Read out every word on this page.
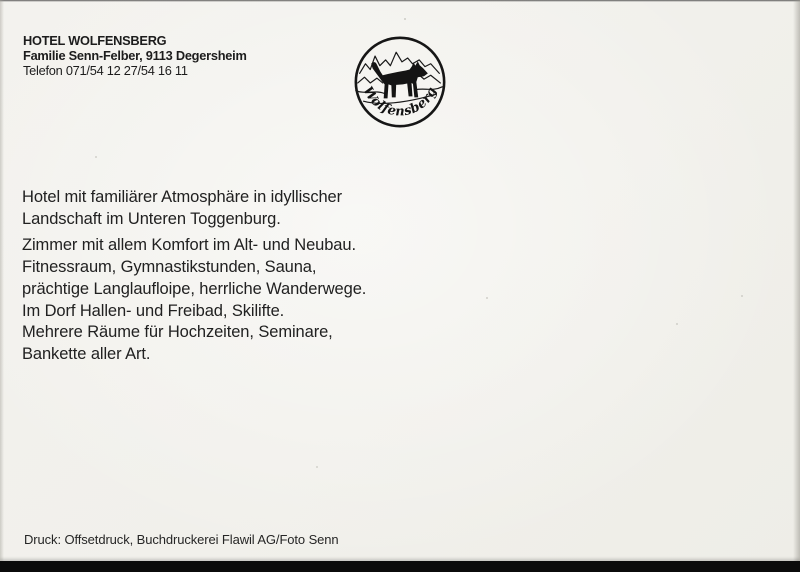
HOTEL WOLFENSBERG
Familie Senn-Felber, 9113 Degersheim
Telefon 071/54 12 27/54 16 11
Wolfensberg
Hotel mit familiärer Atmosphäre in idyllischer
Landschaft im Unteren Toggenburg.
Zimmer mit allem Komfort im Alt- und Neubau.
Fitnessraum, Gymnastikstunden, Sauna,
prächtige Langlaufloipe, herrliche Wanderwege.
Im Dorf Hallen- und Freibad, Skilifte.
Mehrere Räume für Hochzeiten, Seminare,
Bankette aller Art.
Druck: Offsetdruck, Buchdruckerei Flawil AG/Foto Senn
